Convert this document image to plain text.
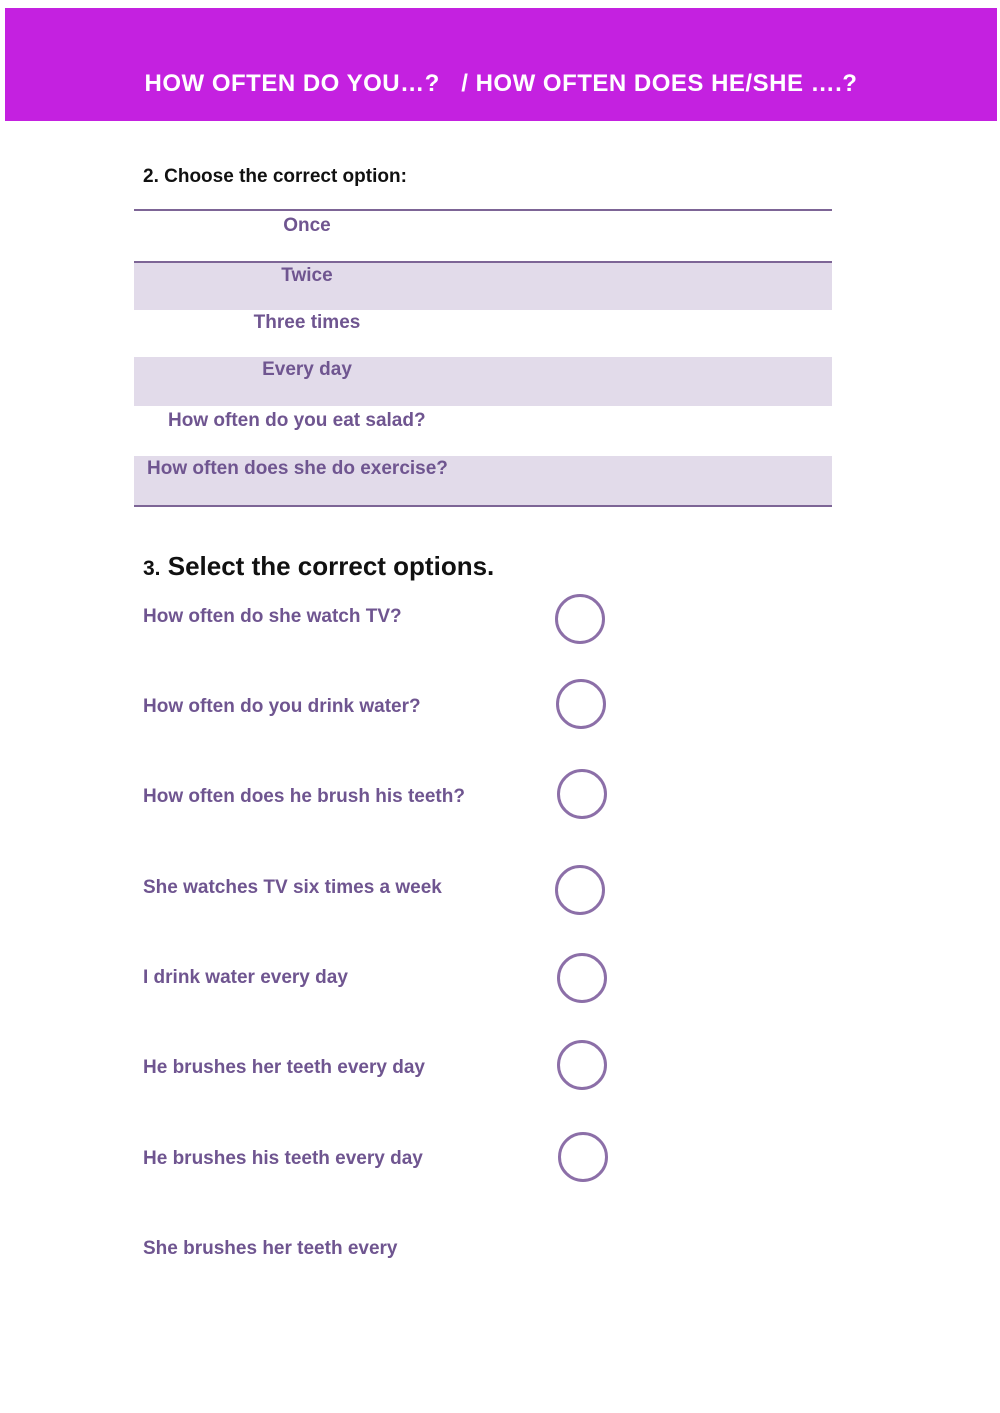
HOW OFTEN DO YOU…?   / HOW OFTEN DOES HE/SHE ….?
2. Choose the correct option:
Once
Twice
Three times
Every day
How often do you eat salad?
How often does she do exercise?
3. Select the correct options.
How often do she watch TV?
How often do you drink water?
How often does he brush his teeth?
She watches TV six times a week
I drink water every day
He brushes her teeth every day
He brushes his teeth every day
She brushes her teeth every
